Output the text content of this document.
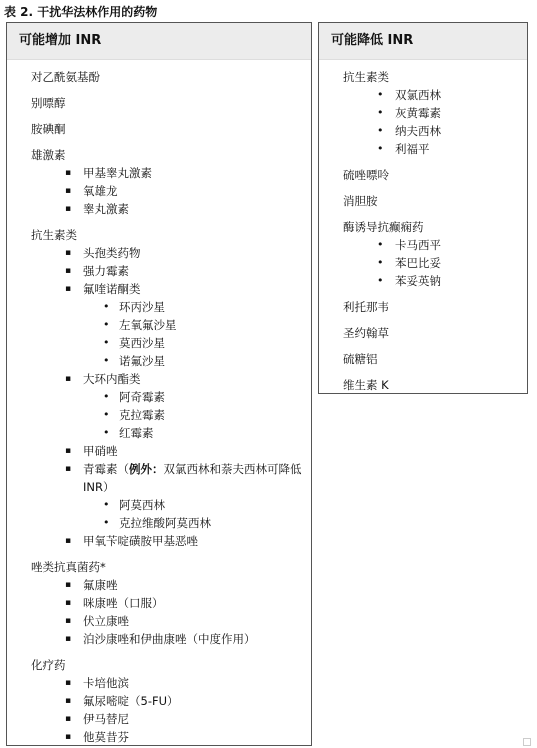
表 2. 干扰华法林作用的药物
可能增加 INR
对乙酰氨基酚
别嘌醇
胺碘酮
雄激素
▪ 甲基睾丸激素
▪ 氧雄龙
▪ 睾丸激素
抗生素类
▪ 头孢类药物
▪ 强力霉素
▪ 氟喹诺酮类
• 环丙沙星
• 左氧氟沙星
• 莫西沙星
• 诺氟沙星
▪ 大环内酯类
• 阿奇霉素
• 克拉霉素
• 红霉素
▪ 甲硝唑
▪ 青霉素（例外：双氯西林和萘夫西林可降低 INR）
• 阿莫西林
• 克拉维酸阿莫西林
▪ 甲氧苄啶磺胺甲基恶唑
唑类抗真菌药*
▪ 氟康唑
▪ 咪康唑（口服）
▪ 伏立康唑
▪ 泊沙康唑和伊曲康唑（中度作用）
化疗药
▪ 卡培他滨
▪ 氟尿嘧啶（5-FU）
▪ 伊马替尼
▪ 他莫昔芬
可能降低 INR
抗生素类
• 双氯西林
• 灰黄霉素
• 纳夫西林
• 利福平
硫唑嘌呤
消胆胺
酶诱导抗癫痫药
• 卡马西平
• 苯巴比妥
• 苯妥英钠
利托那韦
圣约翰草
硫糖铝
维生素 K
